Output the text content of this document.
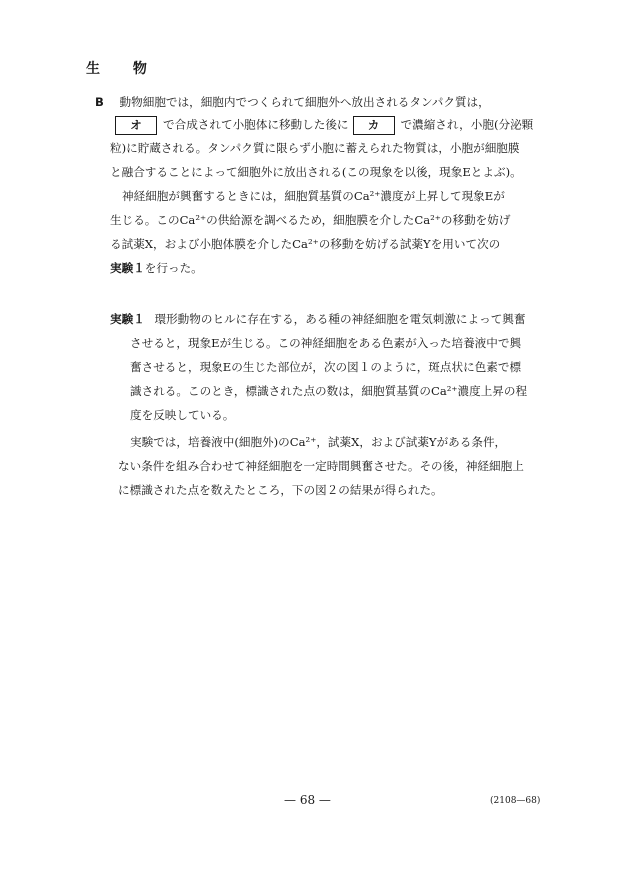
生 物
B 動物細胞では，細胞内でつくられて細胞外へ放出されるタンパク質は，
オ で合成されて小胞体に移動した後に カ で濃縮され，小胞(分泌顆
粒)に貯蔵される。タンパク質に限らず小胞に蓄えられた物質は，小胞が細胞膜
と融合することによって細胞外に放出される(この現象を以後，現象Eとよぶ)。
神経細胞が興奮するときには，細胞質基質のCa²⁺濃度が上昇して現象Eが
生じる。このCa²⁺の供給源を調べるため，細胞膜を介したCa²⁺の移動を妨げ
る試薬X，および小胞体膜を介したCa²⁺の移動を妨げる試薬Yを用いて次の
実験１を行った。
実験１ 環形動物のヒルに存在する，ある種の神経細胞を電気刺激によって興奮
させると，現象Eが生じる。この神経細胞をある色素が入った培養液中で興
奮させると，現象Eの生じた部位が，次の図１のように，斑点状に色素で標
識される。このとき，標識された点の数は，細胞質基質のCa²⁺濃度上昇の程
度を反映している。
実験では，培養液中(細胞外)のCa²⁺，試薬X，および試薬Yがある条件，
ない条件を組み合わせて神経細胞を一定時間興奮させた。その後，神経細胞上
に標識された点を数えたところ，下の図２の結果が得られた。
— 68 —	(2108—68)
